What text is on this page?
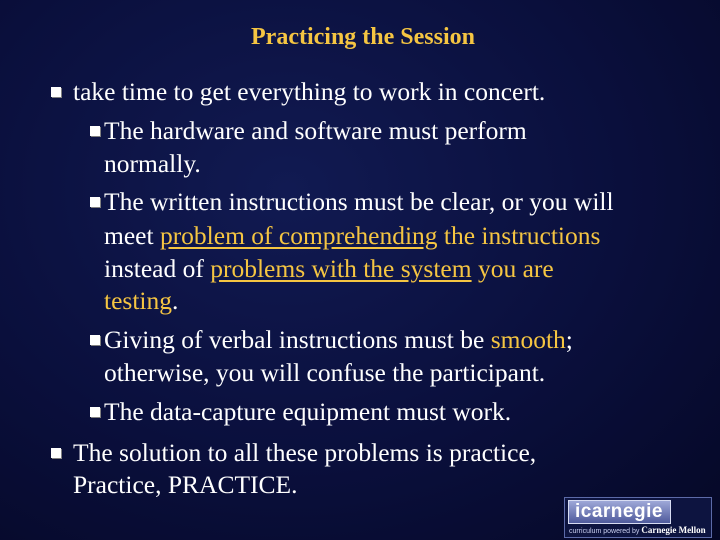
Practicing the Session
take time to get everything to work in concert.
The hardware and software must perform
normally.
The written instructions must be clear, or you will
meet problem of comprehending the instructions
instead of problems with the system you are
testing.
Giving of verbal instructions must be smooth;
otherwise, you will confuse the participant.
The data-capture equipment must work.
The solution to all these problems is practice,
Practice, PRACTICE.
icarnegie
curriculum powered by Carnegie Mellon
